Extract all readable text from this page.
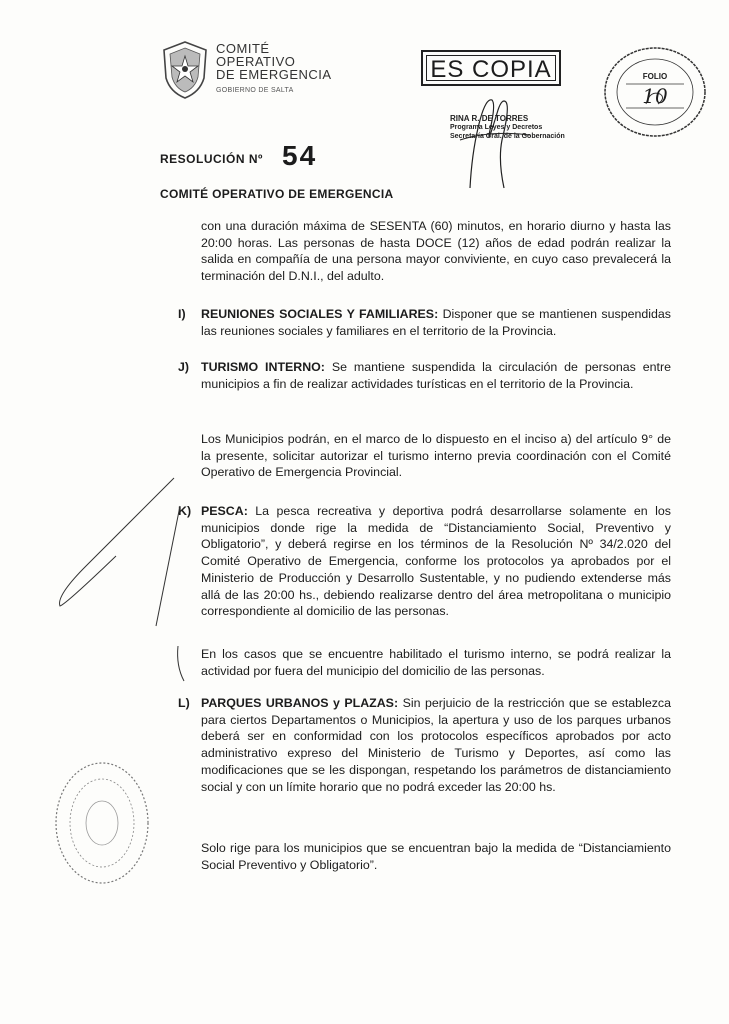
COMITÉ
OPERATIVO
DE EMERGENCIA
GOBIERNO DE SALTA
ES COPIA
RINA R. DE TORRES
Programa Leyes y Decretos
Secretaría Gral. de la Gobernación
FOLIO
10
RESOLUCIÓN Nº 54
COMITÉ OPERATIVO DE EMERGENCIA
con una duración máxima de SESENTA (60) minutos, en horario diurno y hasta las 20:00 horas. Las personas de hasta DOCE (12) años de edad podrán realizar la salida en compañía de una persona mayor conviviente, en cuyo caso prevalecerá la terminación del D.N.I., del adulto.
I) REUNIONES SOCIALES Y FAMILIARES: Disponer que se mantienen suspendidas las reuniones sociales y familiares en el territorio de la Provincia.
J) TURISMO INTERNO: Se mantiene suspendida la circulación de personas entre municipios a fin de realizar actividades turísticas en el territorio de la Provincia.
Los Municipios podrán, en el marco de lo dispuesto en el inciso a) del artículo 9° de la presente, solicitar autorizar el turismo interno previa coordinación con el Comité Operativo de Emergencia Provincial.
K) PESCA: La pesca recreativa y deportiva podrá desarrollarse solamente en los municipios donde rige la medida de “Distanciamiento Social, Preventivo y Obligatorio”, y deberá regirse en los términos de la Resolución Nº 34/2.020 del Comité Operativo de Emergencia, conforme los protocolos ya aprobados por el Ministerio de Producción y Desarrollo Sustentable, y no pudiendo extenderse más allá de las 20:00 hs., debiendo realizarse dentro del área metropolitana o municipio correspondiente al domicilio de las personas.
En los casos que se encuentre habilitado el turismo interno, se podrá realizar la actividad por fuera del municipio del domicilio de las personas.
L) PARQUES URBANOS y PLAZAS: Sin perjuicio de la restricción que se establezca para ciertos Departamentos o Municipios, la apertura y uso de los parques urbanos deberá ser en conformidad con los protocolos específicos aprobados por acto administrativo expreso del Ministerio de Turismo y Deportes, así como las modificaciones que se les dispongan, respetando los parámetros de distanciamiento social y con un límite horario que no podrá exceder las 20:00 hs.
Solo rige para los municipios que se encuentran bajo la medida de “Distanciamiento Social Preventivo y Obligatorio”.
